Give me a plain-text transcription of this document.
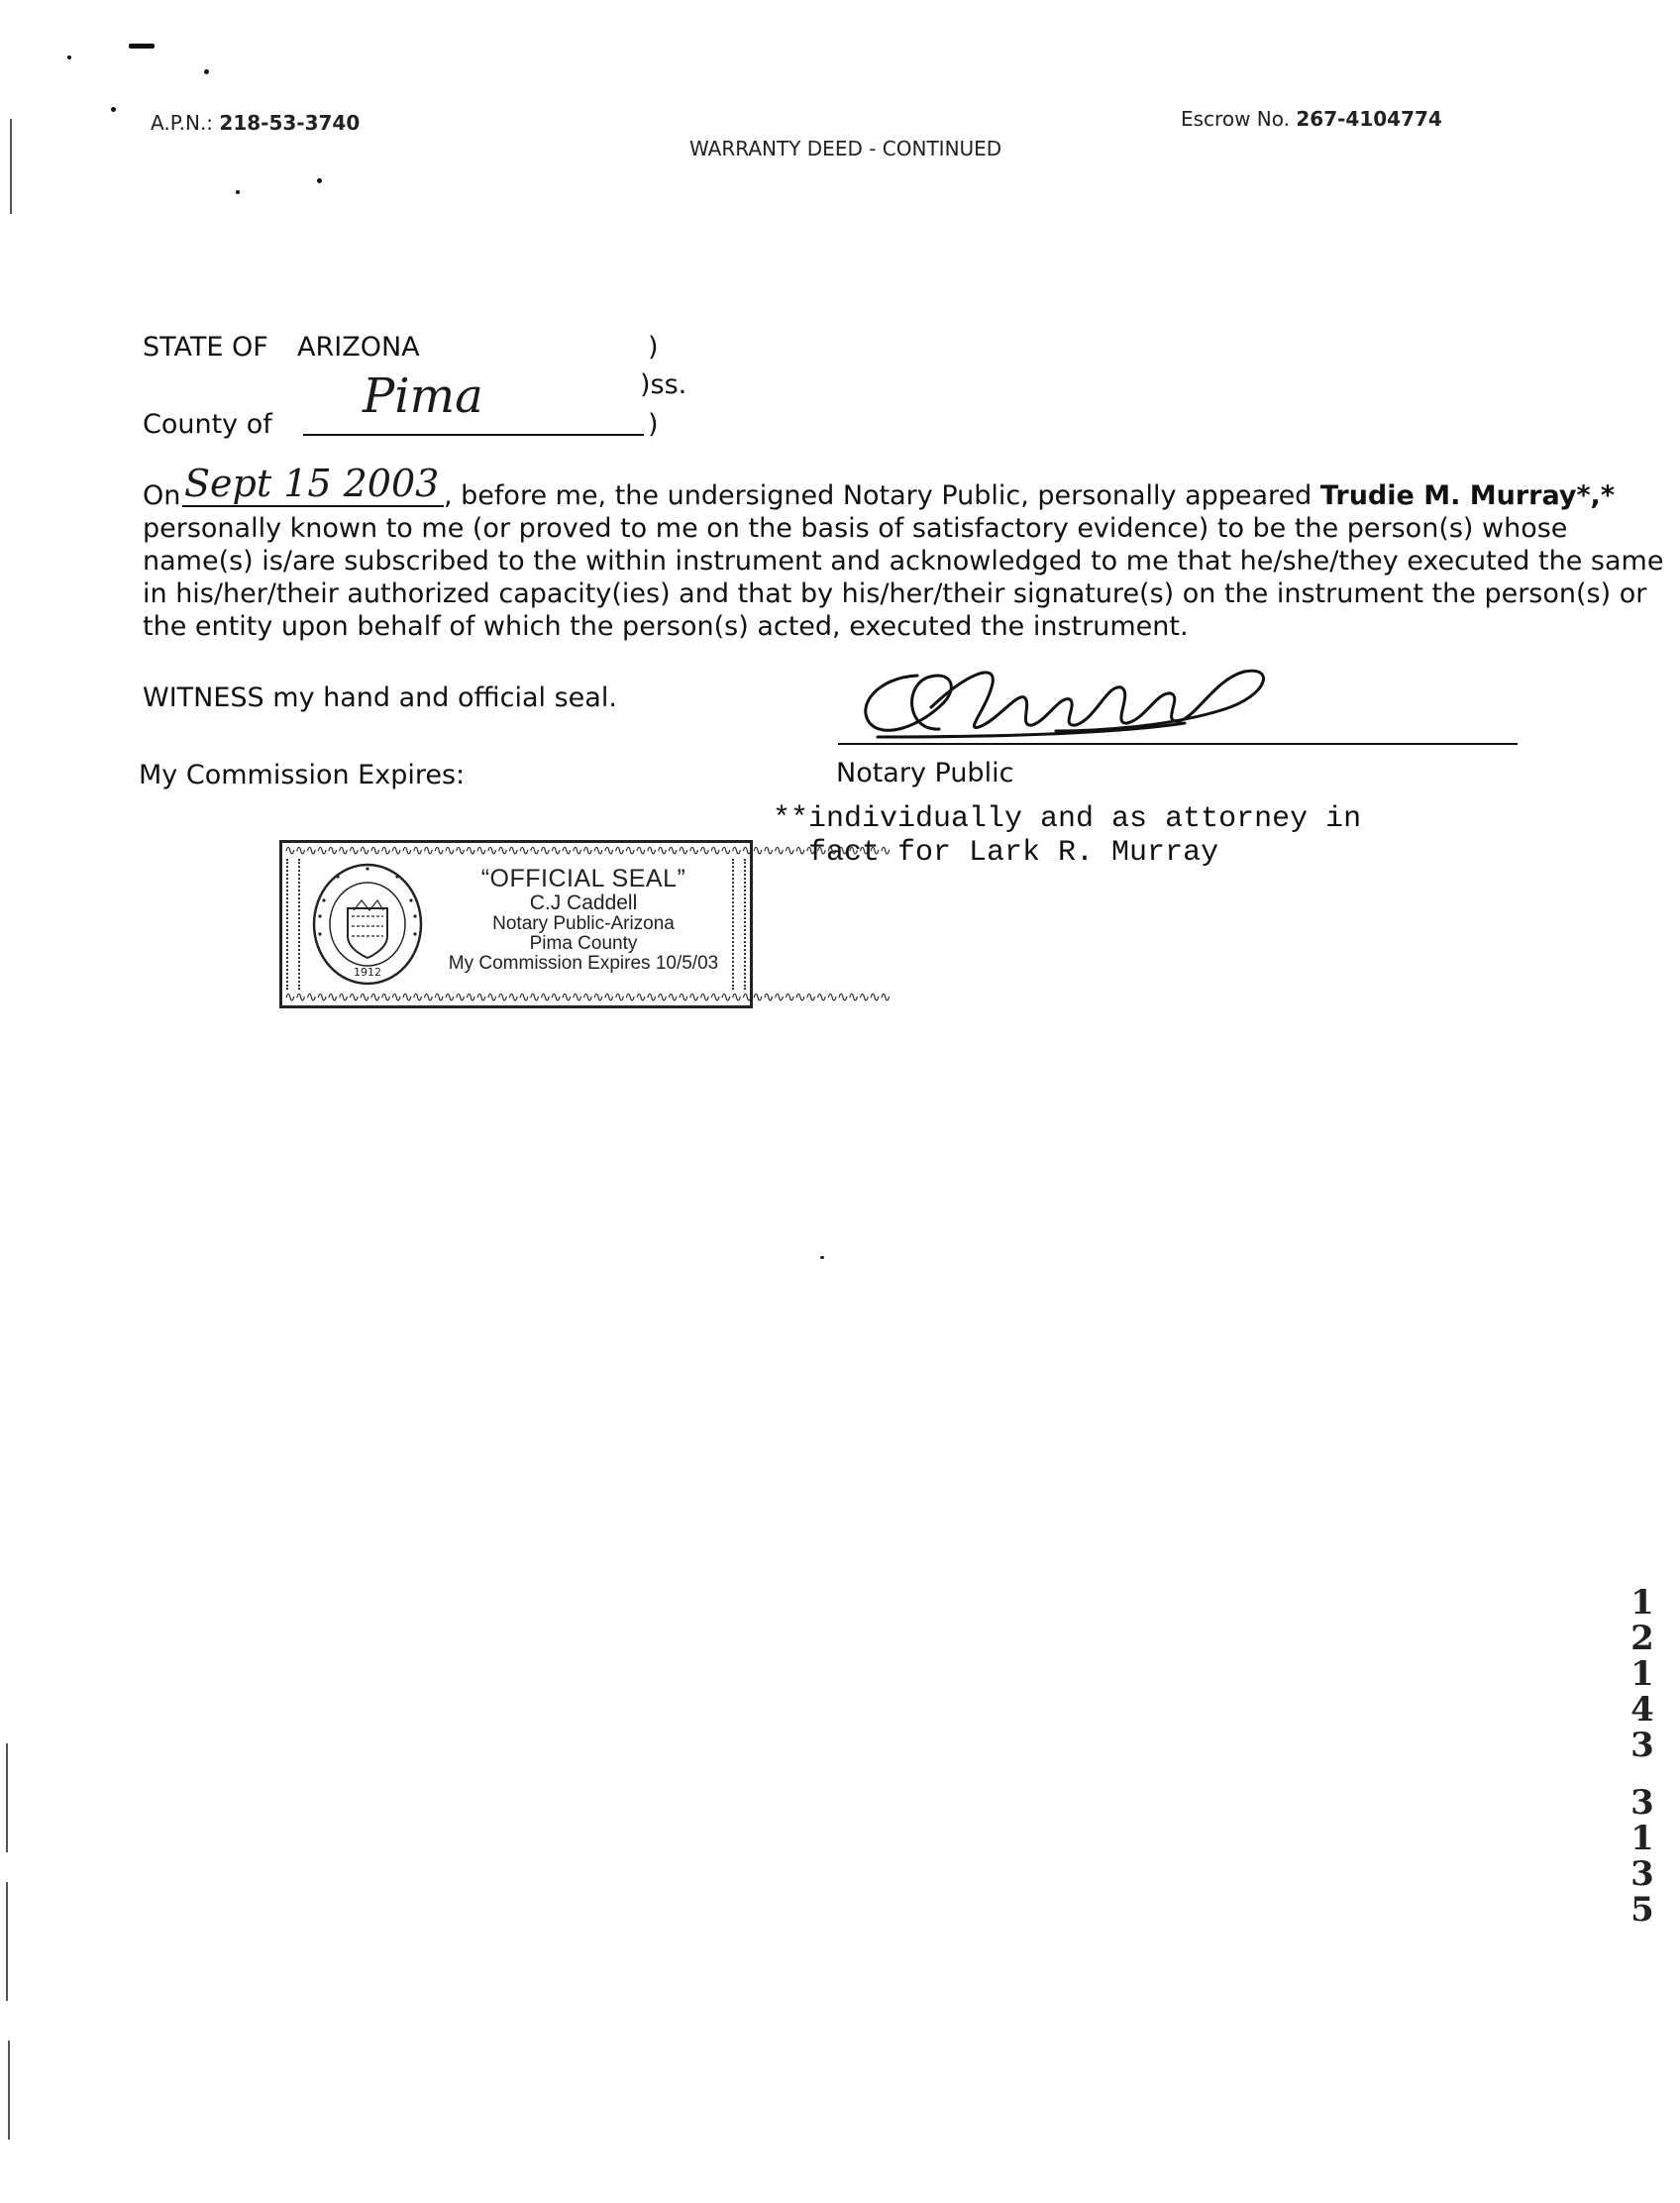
A.P.N.: 218-53-3740	Escrow No. 267-4104774
WARRANTY DEED - CONTINUED
STATE OF ARIZONA	)
)ss.
County of
Pima
)
On Sept 15 2003 , before me, the undersigned Notary Public, personally appeared Trudie M. Murray*,*
personally known to me (or proved to me on the basis of satisfactory evidence) to be the person(s) whose
name(s) is/are subscribed to the within instrument and acknowledged to me that he/she/they executed the same
in his/her/their authorized capacity(ies) and that by his/her/their signature(s) on the instrument the person(s) or
the entity upon behalf of which the person(s) acted, executed the instrument.
WITNESS my hand and official seal.
My Commission Expires:	Notary Public
**individually and as attorney in
fact for Lark R. Murray
∿∿∿∿∿∿∿∿∿∿∿∿∿∿∿∿∿∿∿∿∿∿∿∿∿∿∿∿∿∿∿∿∿∿∿∿∿∿∿∿∿∿∿∿∿∿∿∿∿∿∿∿∿∿∿∿∿
∿∿∿∿∿∿∿∿∿∿∿∿∿∿∿∿∿∿∿∿∿∿∿∿∿∿∿∿∿∿∿∿∿∿∿∿∿∿∿∿∿∿∿∿∿∿∿∿∿∿∿∿∿∿∿∿∿
1912
“OFFICIAL SEAL”
C.J Caddell
Notary Public-Arizona
Pima County
My Commission Expires 10/5/03
1
2
1
4
3
3
1
3
5
